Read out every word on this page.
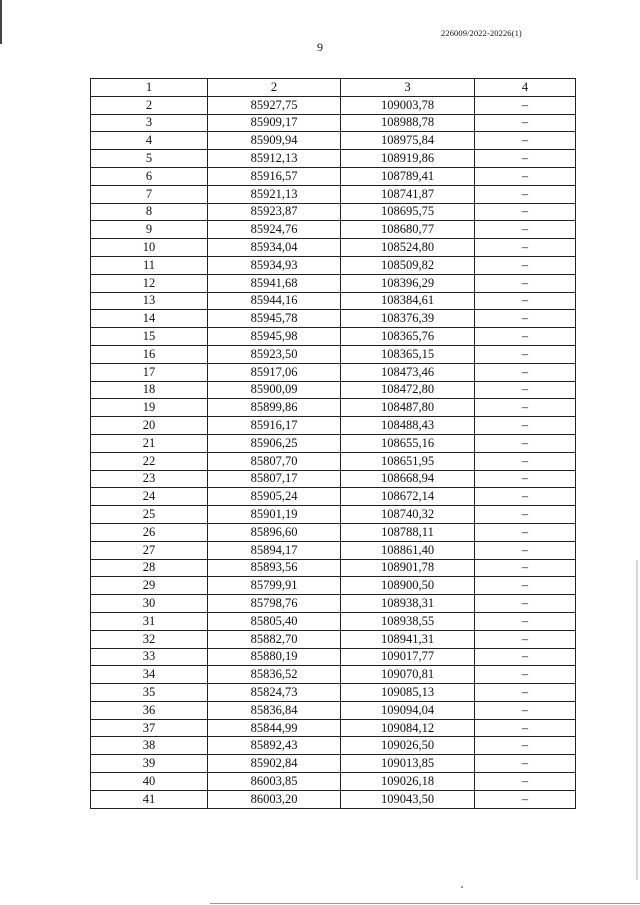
226009/2022-20226(1)
9
1	2	3	4
2	85927,75	109003,78	–
3	85909,17	108988,78	–
4	85909,94	108975,84	–
5	85912,13	108919,86	–
6	85916,57	108789,41	–
7	85921,13	108741,87	–
8	85923,87	108695,75	–
9	85924,76	108680,77	–
10	85934,04	108524,80	–
11	85934,93	108509,82	–
12	85941,68	108396,29	–
13	85944,16	108384,61	–
14	85945,78	108376,39	–
15	85945,98	108365,76	–
16	85923,50	108365,15	–
17	85917,06	108473,46	–
18	85900,09	108472,80	–
19	85899,86	108487,80	–
20	85916,17	108488,43	–
21	85906,25	108655,16	–
22	85807,70	108651,95	–
23	85807,17	108668,94	–
24	85905,24	108672,14	–
25	85901,19	108740,32	–
26	85896,60	108788,11	–
27	85894,17	108861,40	–
28	85893,56	108901,78	–
29	85799,91	108900,50	–
30	85798,76	108938,31	–
31	85805,40	108938,55	–
32	85882,70	108941,31	–
33	85880,19	109017,77	–
34	85836,52	109070,81	–
35	85824,73	109085,13	–
36	85836,84	109094,04	–
37	85844,99	109084,12	–
38	85892,43	109026,50	–
39	85902,84	109013,85	–
40	86003,85	109026,18	–
41	86003,20	109043,50	–
